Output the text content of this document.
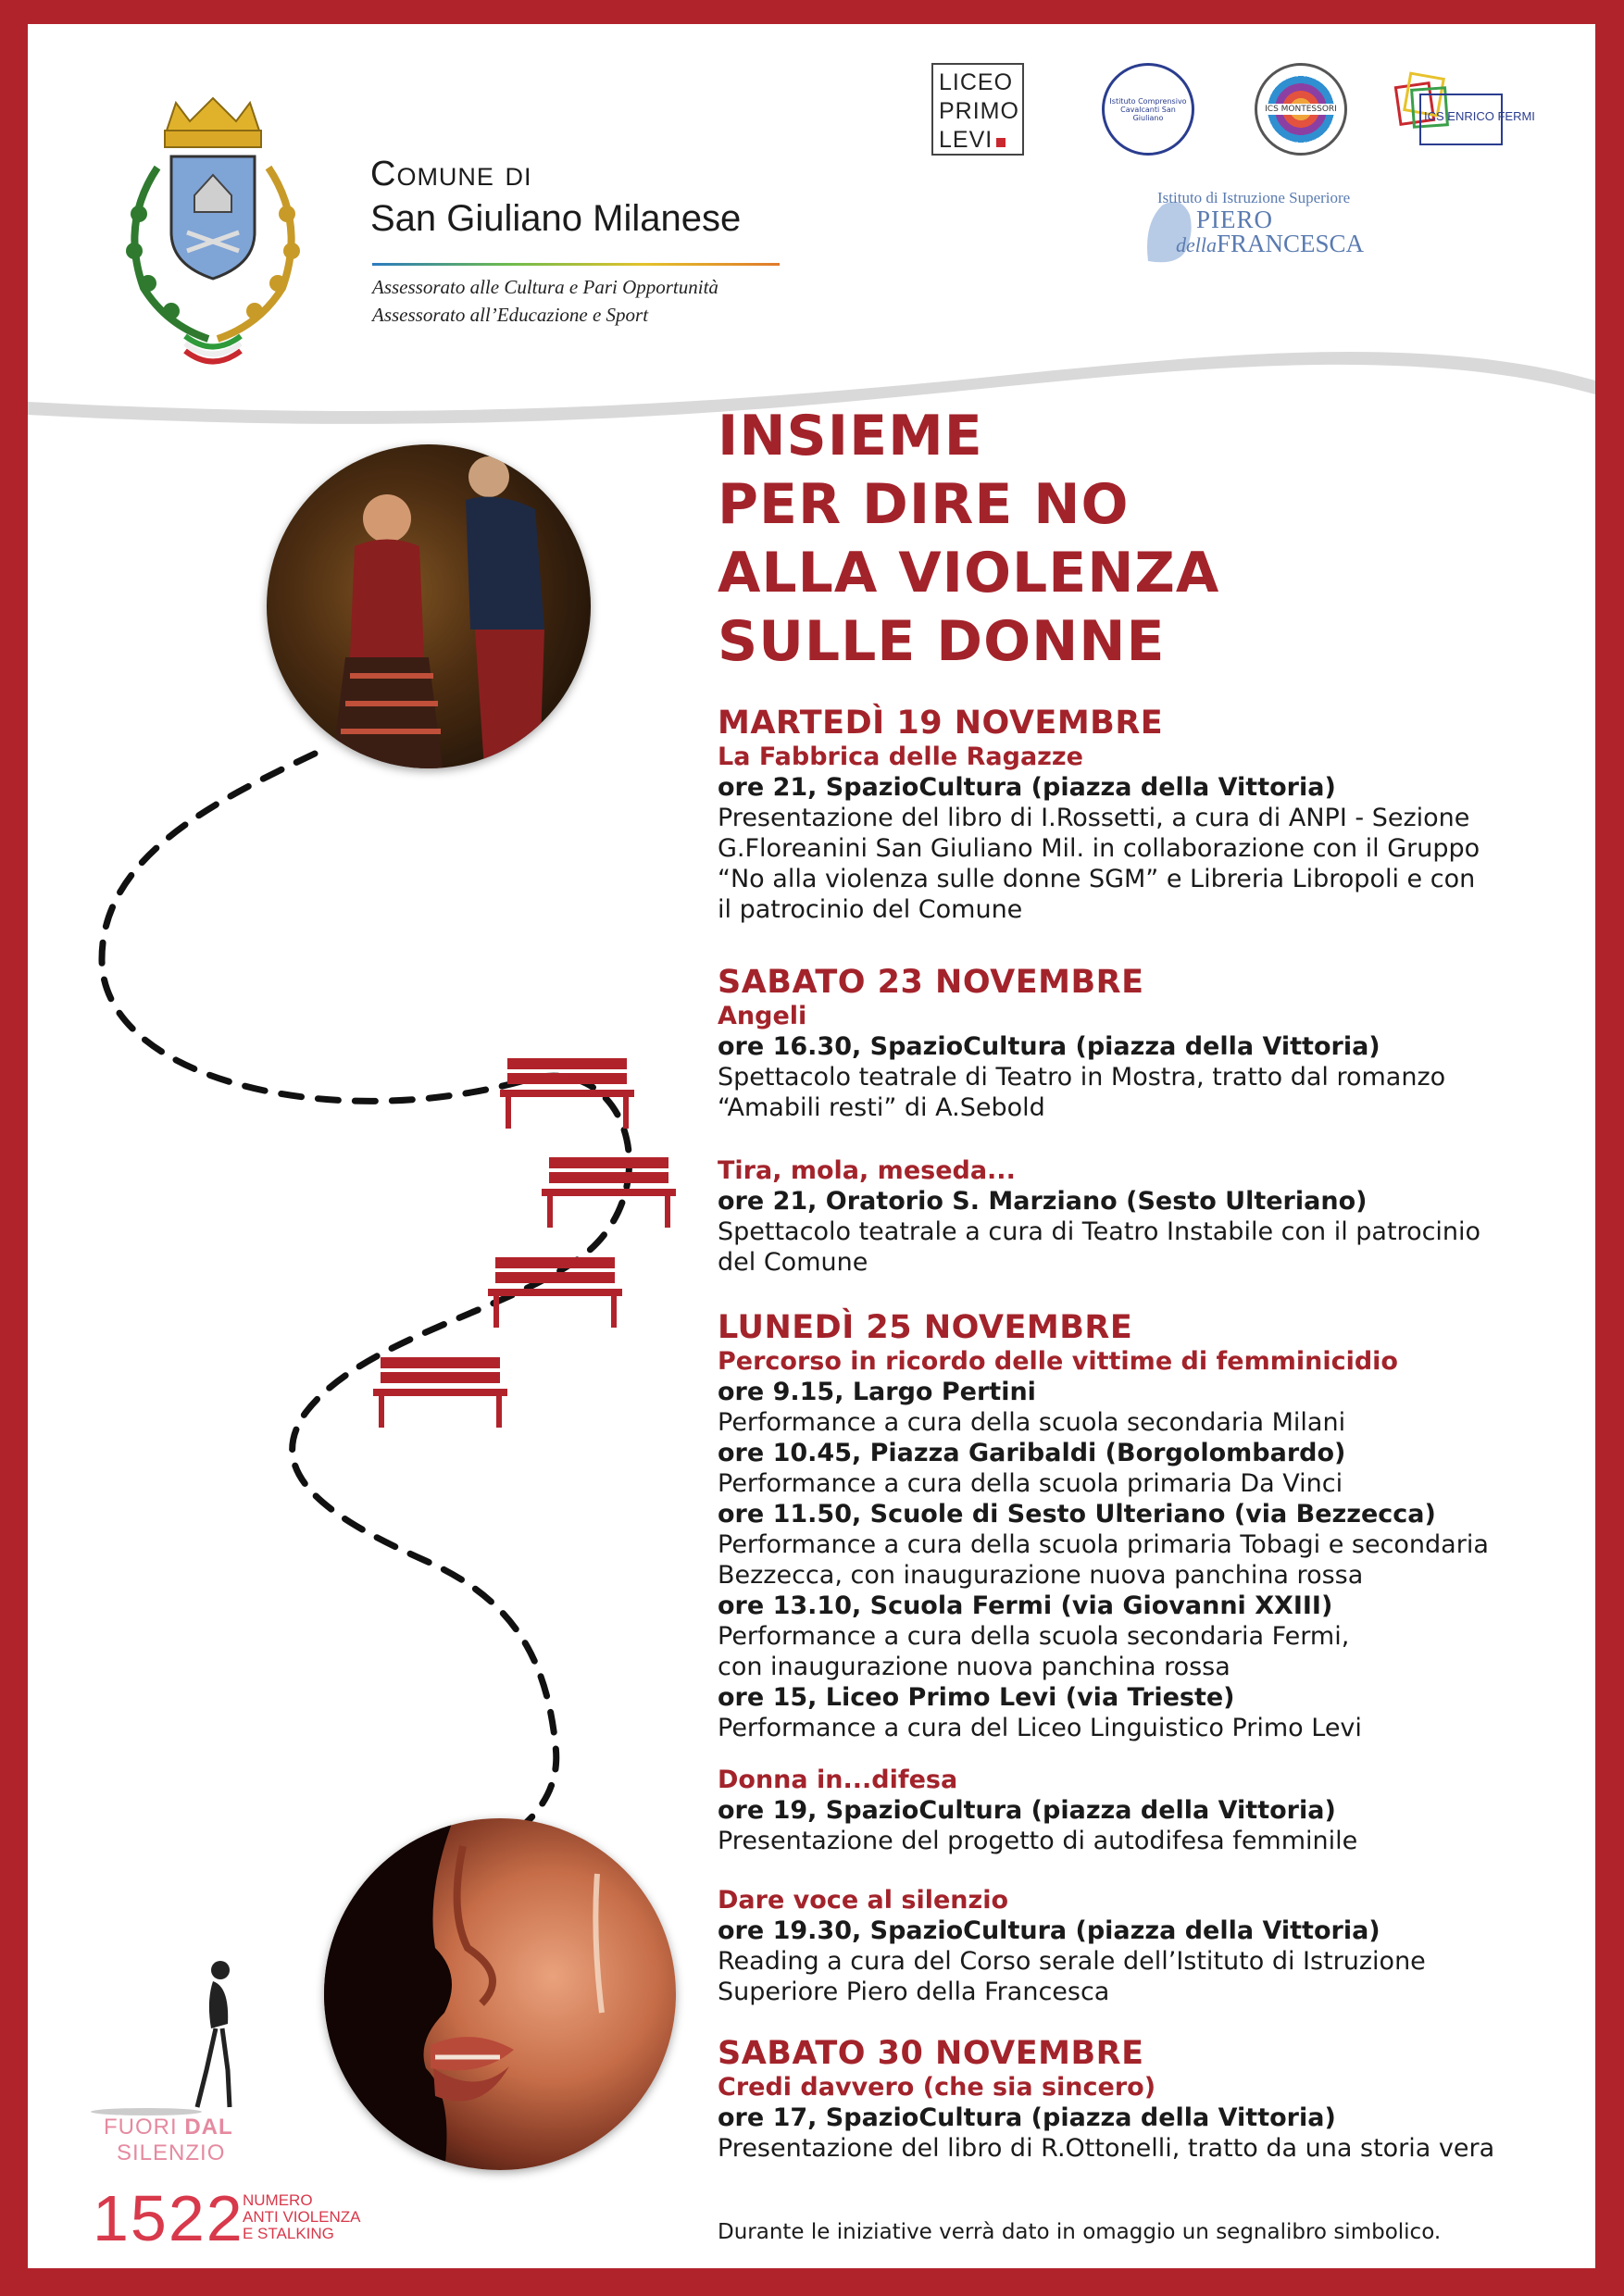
Comune di
San Giuliano Milanese
Assessorato alle Cultura e Pari Opportunità
Assessorato all’Educazione e Sport
LICEO
PRIMO
LEVI
Istituto Comprensivo Cavalcanti San Giuliano
ICS MONTESSORI	ICS ENRICO FERMI
Istituto di Istruzione Superiore
PIERO
dellaFRANCESCA
FUORI DAL
SILENZIO
1522
NUMERO
ANTI VIOLENZA
E STALKING
INSIEME
PER DIRE NO
ALLA VIOLENZA
SULLE DONNE
MARTEDÌ 19 NOVEMBRE
La Fabbrica delle Ragazze
ore 21, SpazioCultura (piazza della Vittoria)
Presentazione del libro di I.Rossetti, a cura di ANPI - Sezione
G.Floreanini San Giuliano Mil. in collaborazione con il Gruppo
“No alla violenza sulle donne SGM” e Libreria Libropoli e con
il patrocinio del Comune
SABATO 23 NOVEMBRE
Angeli
ore 16.30, SpazioCultura (piazza della Vittoria)
Spettacolo teatrale di Teatro in Mostra, tratto dal romanzo
“Amabili resti” di A.Sebold
Tira, mola, meseda...
ore 21, Oratorio S. Marziano (Sesto Ulteriano)
Spettacolo teatrale a cura di Teatro Instabile con il patrocinio
del Comune
LUNEDÌ 25 NOVEMBRE
Percorso in ricordo delle vittime di femminicidio
ore 9.15, Largo Pertini
Performance a cura della scuola secondaria Milani
ore 10.45, Piazza Garibaldi (Borgolombardo)
Performance a cura della scuola primaria Da Vinci
ore 11.50, Scuole di Sesto Ulteriano (via Bezzecca)
Performance a cura della scuola primaria Tobagi e secondaria
Bezzecca, con inaugurazione nuova panchina rossa
ore 13.10, Scuola Fermi (via Giovanni XXIII)
Performance a cura della scuola secondaria Fermi,
con inaugurazione nuova panchina rossa
ore 15, Liceo Primo Levi (via Trieste)
Performance a cura del Liceo Linguistico Primo Levi
Donna in...difesa
ore 19, SpazioCultura (piazza della Vittoria)
Presentazione del progetto di autodifesa femminile
Dare voce al silenzio
ore 19.30, SpazioCultura (piazza della Vittoria)
Reading a cura del Corso serale dell’Istituto di Istruzione
Superiore Piero della Francesca
SABATO 30 NOVEMBRE
Credi davvero (che sia sincero)
ore 17, SpazioCultura (piazza della Vittoria)
Presentazione del libro di R.Ottonelli, tratto da una storia vera
Durante le iniziative verrà dato in omaggio un segnalibro simbolico.
